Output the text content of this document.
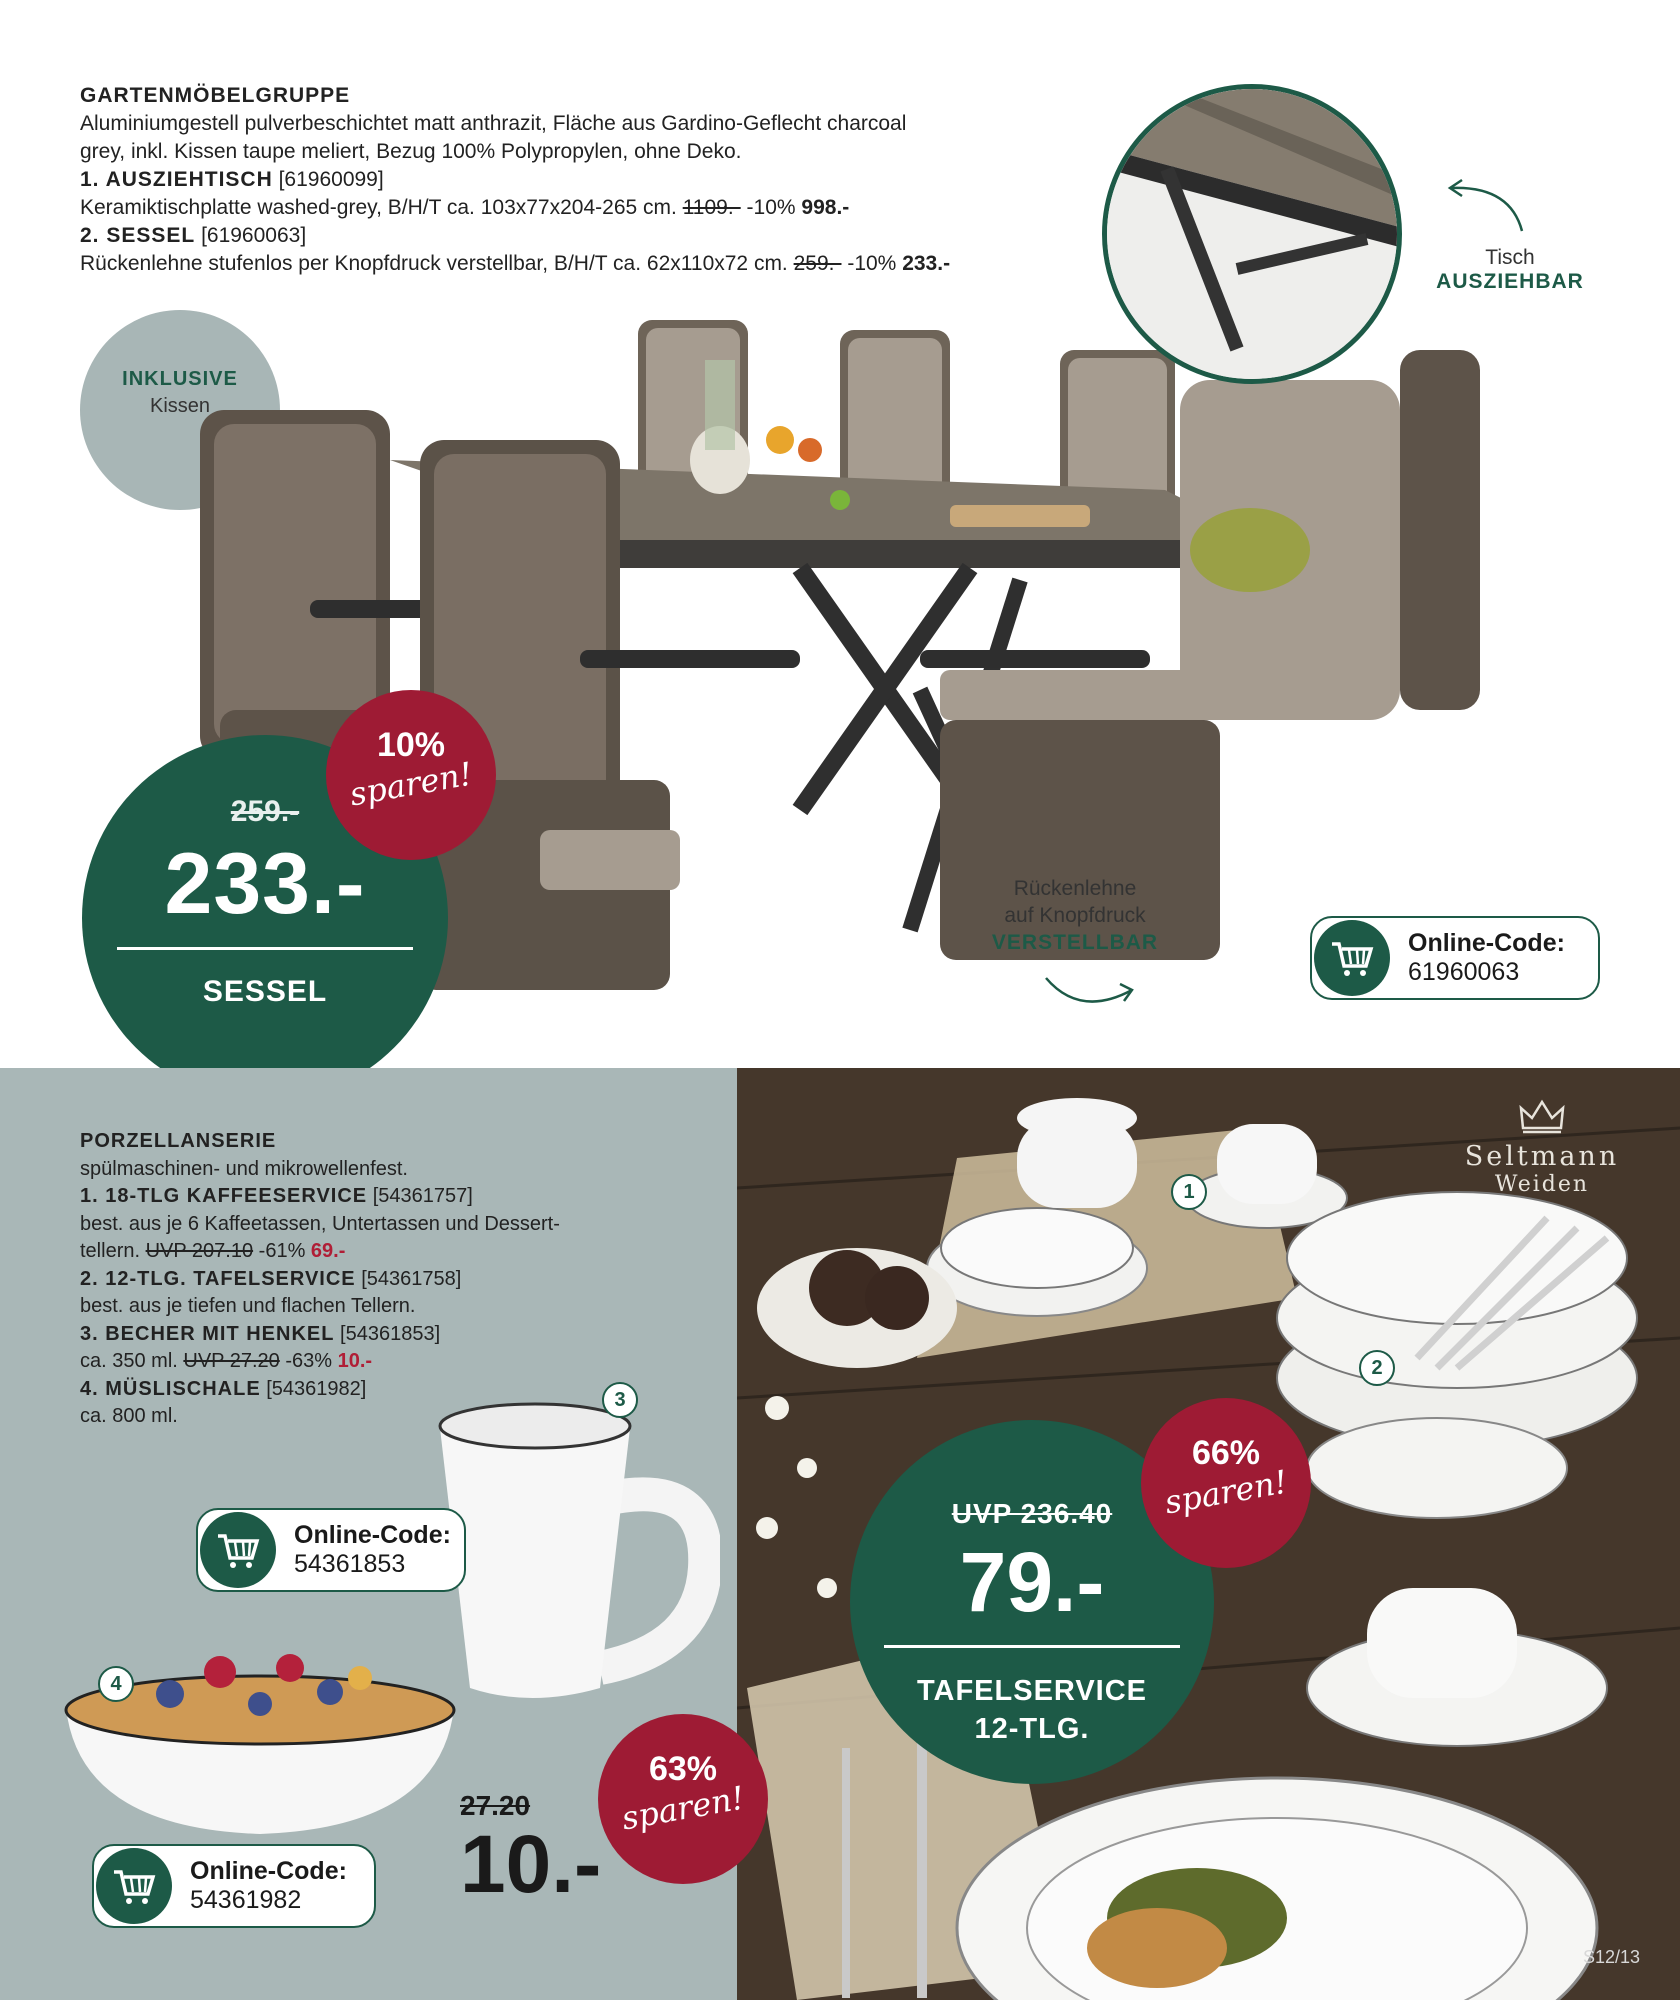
GARTENMÖBELGRUPPE
Aluminiumgestell pulverbeschichtet matt anthrazit, Fläche aus Gardino-Geflecht charcoal
grey, inkl. Kissen taupe meliert, Bezug 100% Polypropylen, ohne Deko.
1. AUSZIEHTISCH [61960099]
Keramiktischplatte washed-grey, B/H/T ca. 103x77x204-265 cm. 1109.- -10% 998.-
2. SESSEL [61960063]
Rückenlehne stufenlos per Knopfdruck verstellbar, B/H/T ca. 62x110x72 cm. 259.- -10% 233.-
INKLUSIVE
Kissen
Tisch
AUSZIEHBAR
Rückenlehne
auf Knopfdruck
VERSTELLBAR
259.-
233.-
SESSEL
10%
sparen!
Online-Code:
61960063
PORZELLANSERIE
spülmaschinen- und mikrowellenfest.
1. 18-TLG KAFFEESERVICE [54361757]
best. aus je 6 Kaffeetassen, Untertassen und Dessert-
tellern. UVP 207.10 -61% 69.-
2. 12-TLG. TAFELSERVICE [54361758]
best. aus je tiefen und flachen Tellern.
3. BECHER MIT HENKEL [54361853]
ca. 350 ml. UVP 27.20 -63% 10.-
4. MÜSLISCHALE [54361982]
ca. 800 ml.
3
Online-Code:
54361853
4
Online-Code:
54361982
27.20
10.-
1
2
Seltmann
Weiden
UVP 236.40
79.-
TAFELSERVICE
12-TLG.
66%
sparen!
S12/13
63%
sparen!
